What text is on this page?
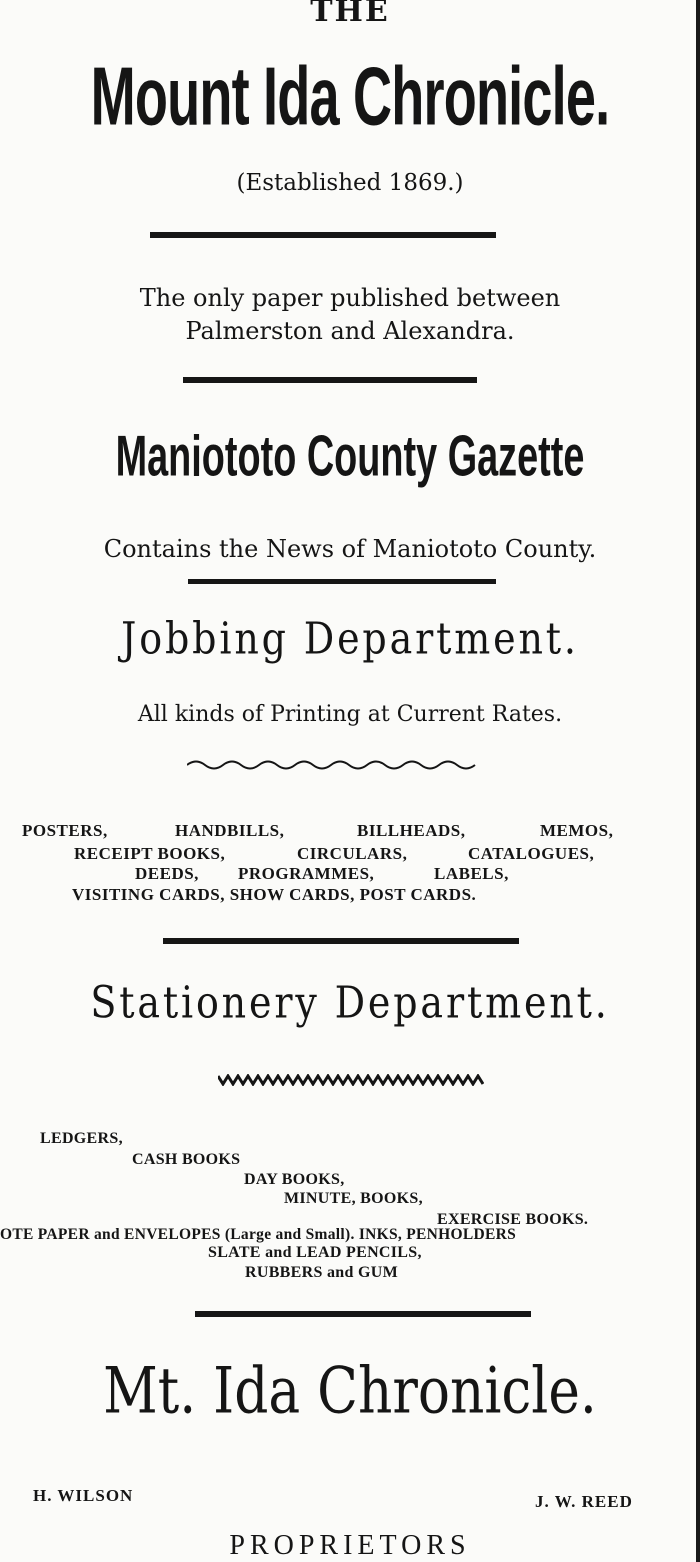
THE
Mount Ida Chronicle.
(Established 1869.)
The only paper published between
Palmerston and Alexandra.
Maniototo County Gazette
Contains the News of Maniototo County.
Jobbing Department.
All kinds of Printing at Current Rates.
POSTERS,	HANDBILLS,	BILLHEADS,	MEMOS,
RECEIPT BOOKS,	CIRCULARS,	CATALOGUES,
DEEDS, PROGRAMMES,	LABELS,
VISITING CARDS, SHOW CARDS, POST CARDS.
Stationery Department.
LEDGERS,
CASH BOOKS
DAY BOOKS,
MINUTE, BOOKS,
EXERCISE BOOKS.
OTE PAPER and ENVELOPES (Large and Small). INKS, PENHOLDERS
SLATE and LEAD PENCILS,
RUBBERS and GUM
Mt. Ida Chronicle.
H. WILSON	J. W. REED
PROPRIETORS
